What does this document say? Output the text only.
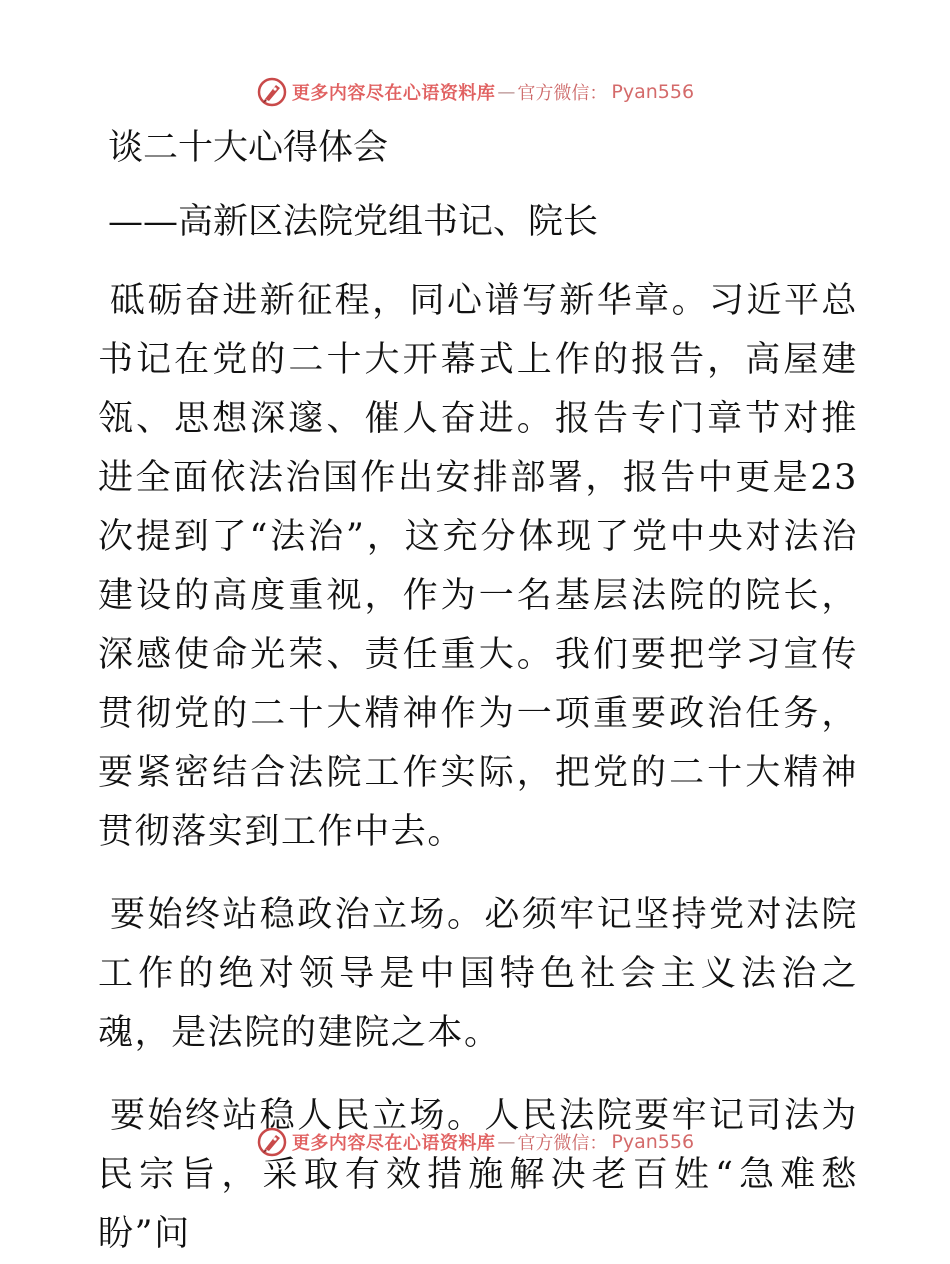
更多内容尽在心语资料库 — 官方微信： Pyan556
谈二十大心得体会
——高新区法院党组书记、院长

砥砺奋进新征程，同心谱写新华章。习近平总书记在党的二十大开幕式上作的报告，高屋建瓴、思想深邃、催人奋进。报告专门章节对推进全面依法治国作出安排部署，报告中更是23次提到了“法治”，这充分体现了党中央对法治建设的高度重视，作为一名基层法院的院长，深感使命光荣、责任重大。我们要把学习宣传贯彻党的二十大精神作为一项重要政治任务，要紧密结合法院工作实际，把党的二十大精神贯彻落实到工作中去。

要始终站稳政治立场。必须牢记坚持党对法院工作的绝对领导是中国特色社会主义法治之魂，是法院的建院之本。

要始终站稳人民立场。人民法院要牢记司法为民宗旨，采取有效措施解决老百姓“急难愁盼”问

更多内容尽在心语资料库 — 官方微信： Pyan556
